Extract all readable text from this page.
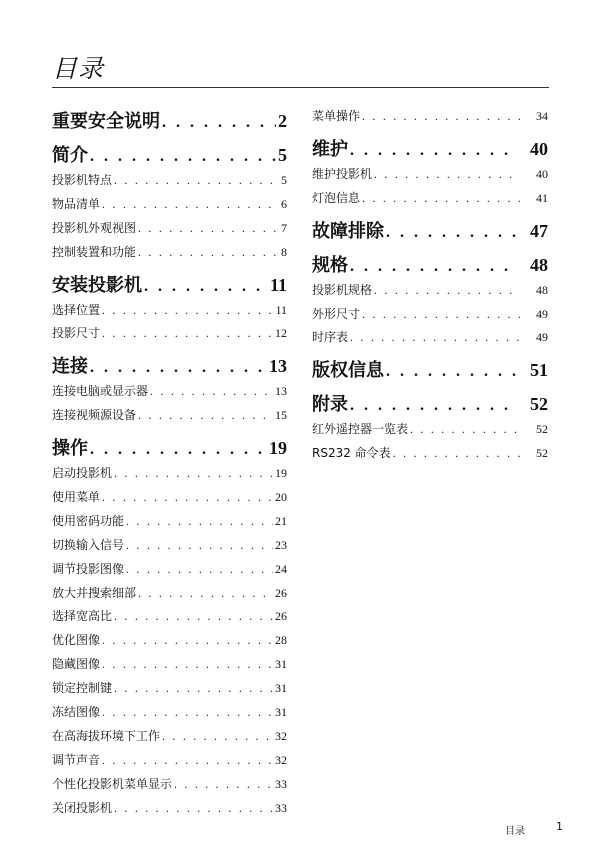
目录
重要安全说明 . . .	2
简介 . . .	5
投影机特点 . . .	5
物品清单 . . .	6
投影机外观视图 . . .	7
控制装置和功能 . . .	8
安装投影机 . . .	11
选择位置 . . .	11
投影尺寸 . . .	12
连接 . . .	13
连接电脑或显示器 . . .	13
连接视频源设备 . . .	15
操作 . . .	19
启动投影机 . . .	19
使用菜单 . . .	20
使用密码功能 . . .	21
切换输入信号 . . .	23
调节投影图像 . . .	24
放大并搜索细部 . . .	26
选择宽高比 . . .	26
优化图像 . . .	28
隐藏图像 . . .	31
锁定控制键 . . .	31
冻结图像 . . .	31
在高海拔环境下工作 . . .	32
调节声音 . . .	32
个性化投影机菜单显示 . . .	33
关闭投影机 . . .	33
菜单操作 . . .	34
维护 . . .	40
维护投影机 . . .	40
灯泡信息 . . .	41
故障排除 . . .	47
规格 . . .	48
投影机规格 . . .	48
外形尺寸 . . .	49
时序表 . . .	49
版权信息 . . .	51
附录 . . .	52
红外遥控器一览表 . . .	52
RS232 命令表 . . .	52
目录	1
